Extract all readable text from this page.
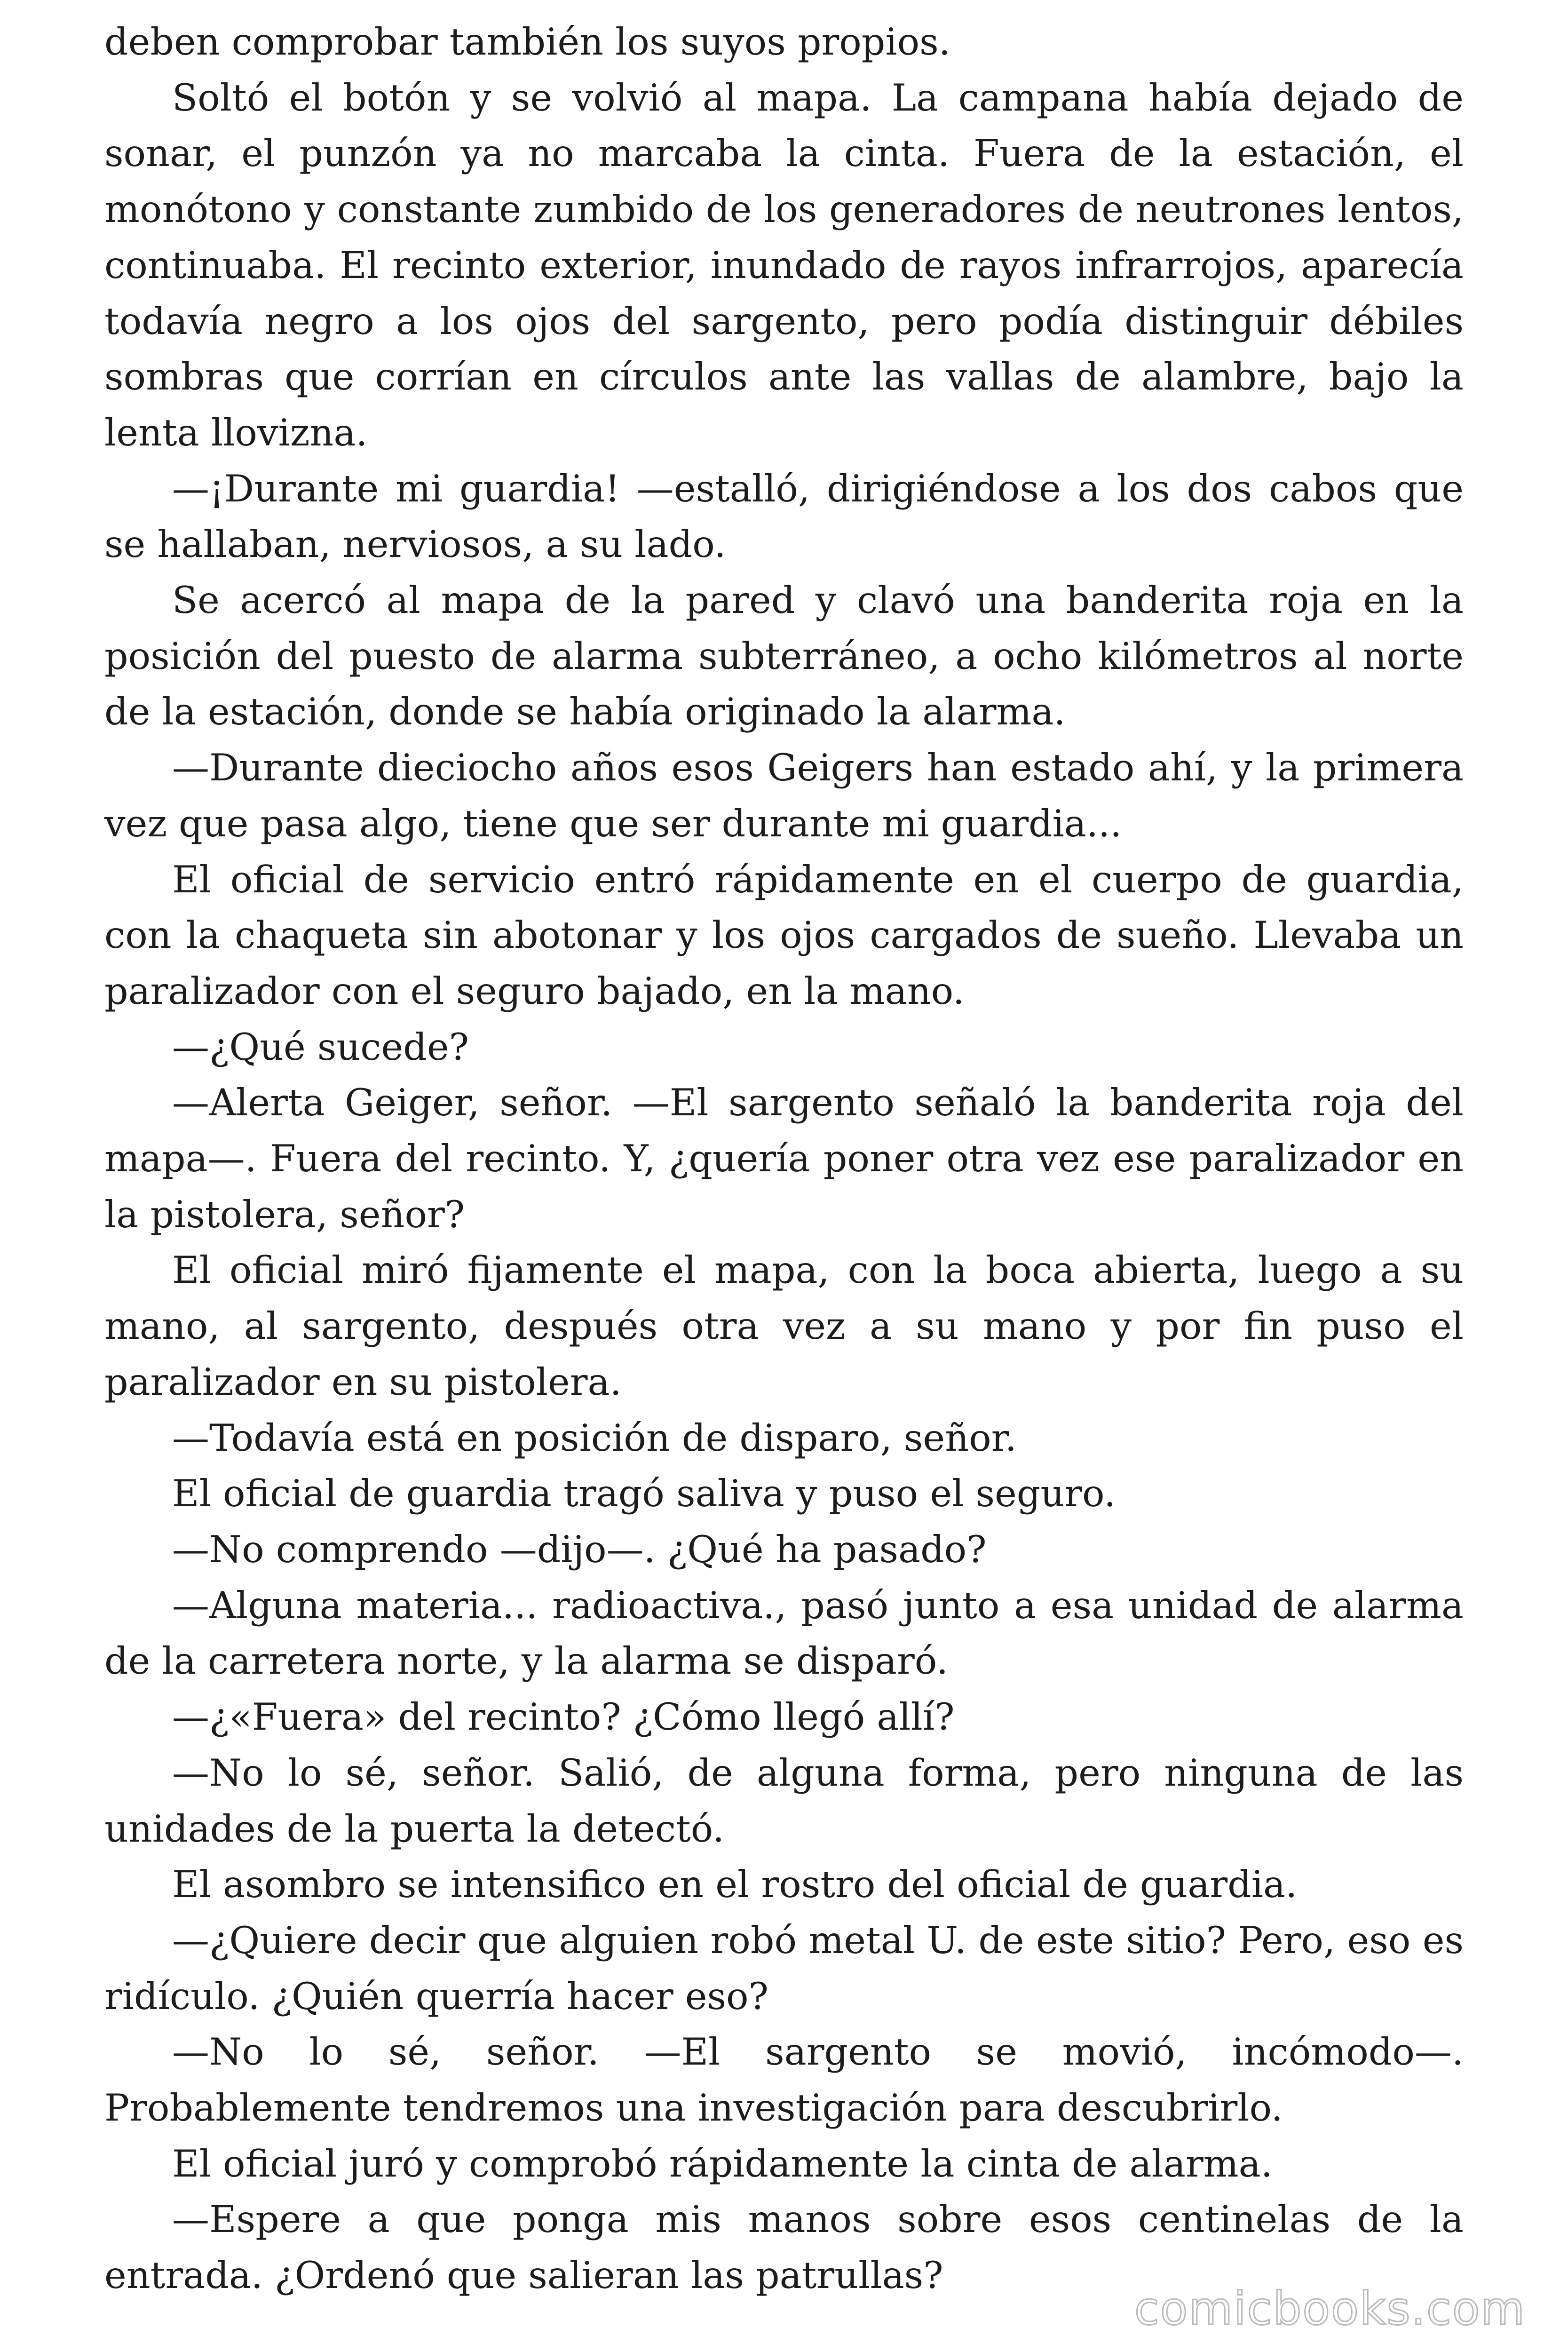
deben comprobar también los suyos propios.

Soltó el botón y se volvió al mapa. La campana había dejado de sonar, el punzón ya no marcaba la cinta. Fuera de la estación, el monótono y constante zumbido de los generadores de neutrones lentos, continuaba. El recinto exterior, inundado de rayos infrarrojos, aparecía todavía negro a los ojos del sargento, pero podía distinguir débiles sombras que corrían en círculos ante las vallas de alambre, bajo la lenta llovizna.

—¡Durante mi guardia! —estalló, dirigiéndose a los dos cabos que se hallaban, nerviosos, a su lado.

Se acercó al mapa de la pared y clavó una banderita roja en la posición del puesto de alarma subterráneo, a ocho kilómetros al norte de la estación, donde se había originado la alarma.

—Durante dieciocho años esos Geigers han estado ahí, y la primera vez que pasa algo, tiene que ser durante mi guardia...

El oficial de servicio entró rápidamente en el cuerpo de guardia, con la chaqueta sin abotonar y los ojos cargados de sueño. Llevaba un paralizador con el seguro bajado, en la mano.

—¿Qué sucede?

—Alerta Geiger, señor. —El sargento señaló la banderita roja del mapa—. Fuera del recinto. Y, ¿quería poner otra vez ese paralizador en la pistolera, señor?

El oficial miró fijamente el mapa, con la boca abierta, luego a su mano, al sargento, después otra vez a su mano y por fin puso el paralizador en su pistolera.

—Todavía está en posición de disparo, señor.

El oficial de guardia tragó saliva y puso el seguro.

—No comprendo —dijo—. ¿Qué ha pasado?

—Alguna materia... radioactiva., pasó junto a esa unidad de alarma de la carretera norte, y la alarma se disparó.

—¿«Fuera» del recinto? ¿Cómo llegó allí?

—No lo sé, señor. Salió, de alguna forma, pero ninguna de las unidades de la puerta la detectó.

El asombro se intensifico en el rostro del oficial de guardia.

—¿Quiere decir que alguien robó metal U. de este sitio? Pero, eso es ridículo. ¿Quién querría hacer eso?

—No lo sé, señor. —El sargento se movió, incómodo—. Probablemente tendremos una investigación para descubrirlo.

El oficial juró y comprobó rápidamente la cinta de alarma.

—Espere a que ponga mis manos sobre esos centinelas de la entrada. ¿Ordenó que salieran las patrullas?

comicbooks.com
